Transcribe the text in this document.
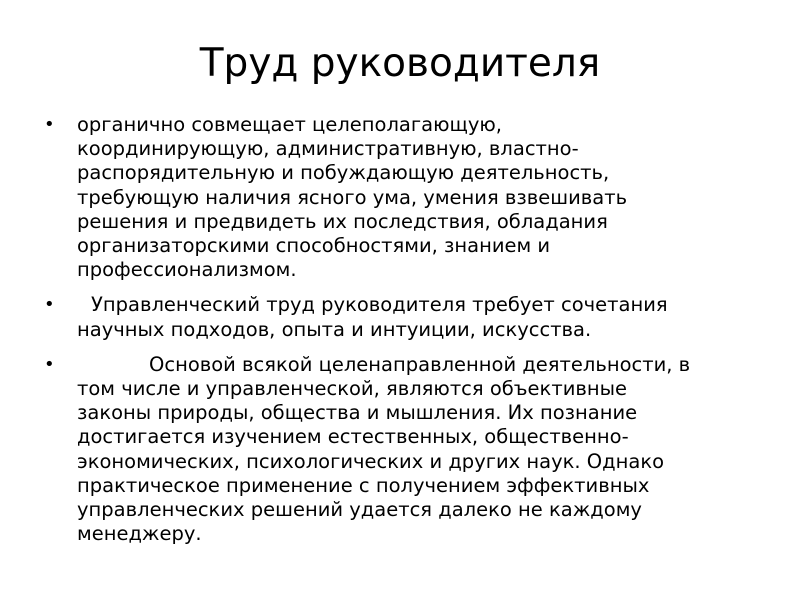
Труд руководителя
• органично совмещает целеполагающую,
координирующую, административную, властно-
распорядительную и побуждающую деятельность,
требующую наличия ясного ума, умения взвешивать
решения и предвидеть их последствия, обладания
организаторскими способностями, знанием и
профессионализмом.
•	Управленческий труд руководителя требует сочетания
научных подходов, опыта и интуиции, искусства.
•	Основой всякой целенаправленной деятельности, в
том числе и управленческой, являются объективные
законы природы, общества и мышления. Их познание
достигается изучением естественных, общественно-
экономических, психологических и других наук. Однако
практическое применение с получением эффективных
управленческих решений удается далеко не каждому
менеджеру.
